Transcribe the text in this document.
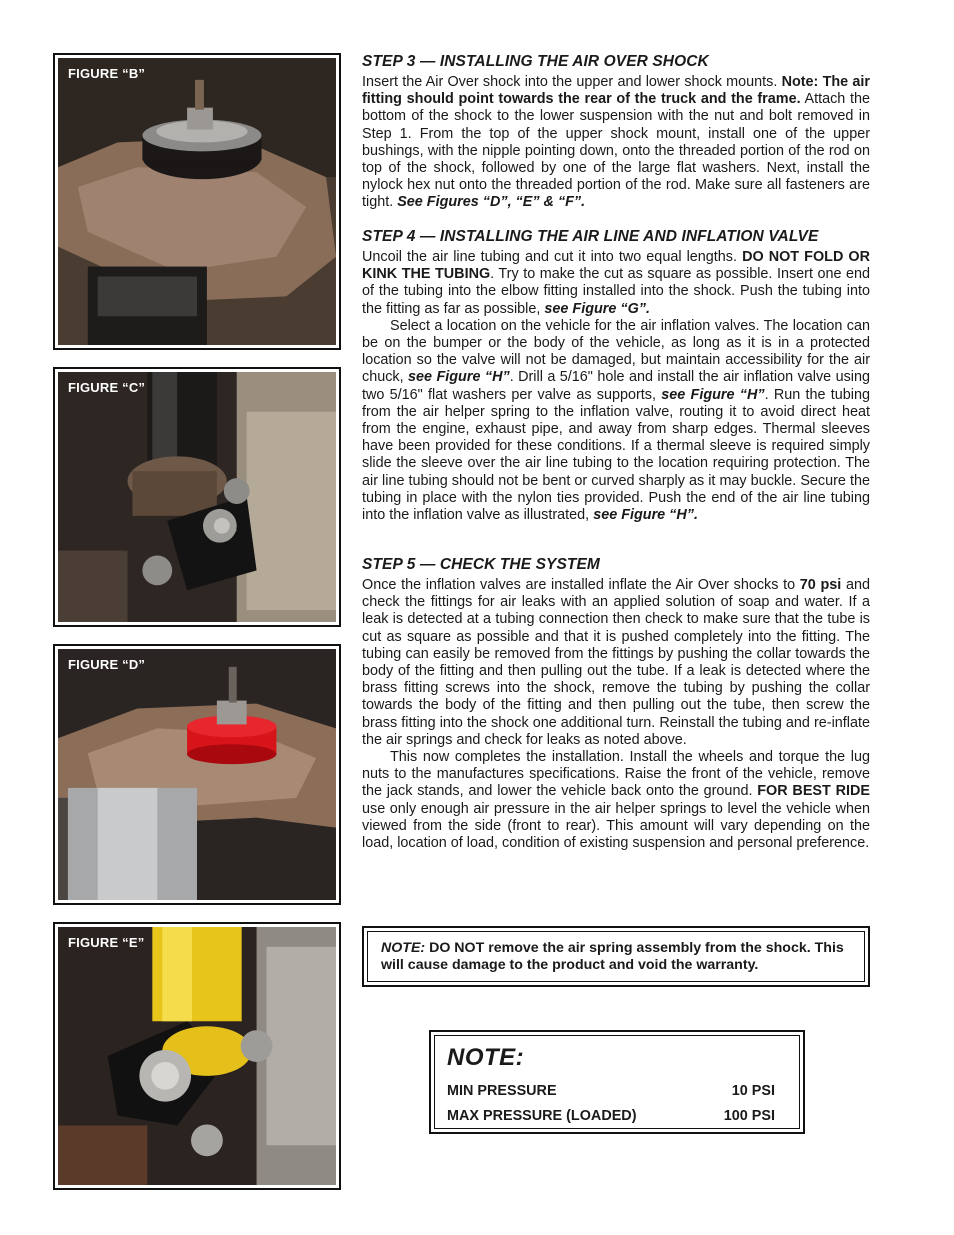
FIGURE “B”
FIGURE “C”
FIGURE “D”
FIGURE “E”
STEP 3 — INSTALLING THE AIR OVER SHOCK

Insert the Air Over shock into the upper and lower shock mounts. Note: The air fitting should point towards the rear of the truck and the frame. Attach the bottom of the shock to the lower suspension with the nut and bolt removed in Step 1. From the top of the upper shock mount, install one of the upper bushings, with the nipple pointing down, onto the threaded portion of the rod on top of the shock, followed by one of the large flat washers. Next, install the nylock hex nut onto the threaded portion of the rod. Make sure all fasteners are tight. See Figures “D”, “E” & “F”.

STEP 4 — INSTALLING THE AIR LINE AND INFLATION VALVE

Uncoil the air line tubing and cut it into two equal lengths. DO NOT FOLD OR KINK THE TUBING. Try to make the cut as square as possible. Insert one end of the tubing into the elbow fitting installed into the shock. Push the tubing into the fitting as far as possible, see Figure “G”.

Select a location on the vehicle for the air inflation valves. The location can be on the bumper or the body of the vehicle, as long as it is in a protected location so the valve will not be damaged, but maintain accessibility for the air chuck, see Figure “H”. Drill a 5/16" hole and install the air inflation valve using two 5/16" flat washers per valve as supports, see Figure “H”. Run the tubing from the air helper spring to the inflation valve, routing it to avoid direct heat from the engine, exhaust pipe, and away from sharp edges. Thermal sleeves have been provided for these conditions. If a thermal sleeve is required simply slide the sleeve over the air line tubing to the location requiring protection. The air line tubing should not be bent or curved sharply as it may buckle. Secure the tubing in place with the nylon ties provided. Push the end of the air line tubing into the inflation valve as illustrated, see Figure “H”.

STEP 5 — CHECK THE SYSTEM

Once the inflation valves are installed inflate the Air Over shocks to 70 psi and check the fittings for air leaks with an applied solution of soap and water. If a leak is detected at a tubing connection then check to make sure that the tube is cut as square as possible and that it is pushed completely into the fitting. The tubing can easily be removed from the fittings by pushing the collar towards the body of the fitting and then pulling out the tube. If a leak is detected where the brass fitting screws into the shock, remove the tubing by pushing the collar towards the body of the fitting and then pulling out the tube, then screw the brass fitting into the shock one additional turn. Reinstall the tubing and re-inflate the air springs and check for leaks as noted above.

This now completes the installation. Install the wheels and torque the lug nuts to the manufactures specifications. Raise the front of the vehicle, remove the jack stands, and lower the vehicle back onto the ground. FOR BEST RIDE use only enough air pressure in the air helper springs to level the vehicle when viewed from the side (front to rear). This amount will vary depending on the load, location of load, condition of existing suspension and personal preference.

NOTE: DO NOT remove the air spring assembly from the shock. This will cause damage to the product and void the warranty.
NOTE:
MIN PRESSURE	10 PSI
MAX PRESSURE (LOADED)	100 PSI
